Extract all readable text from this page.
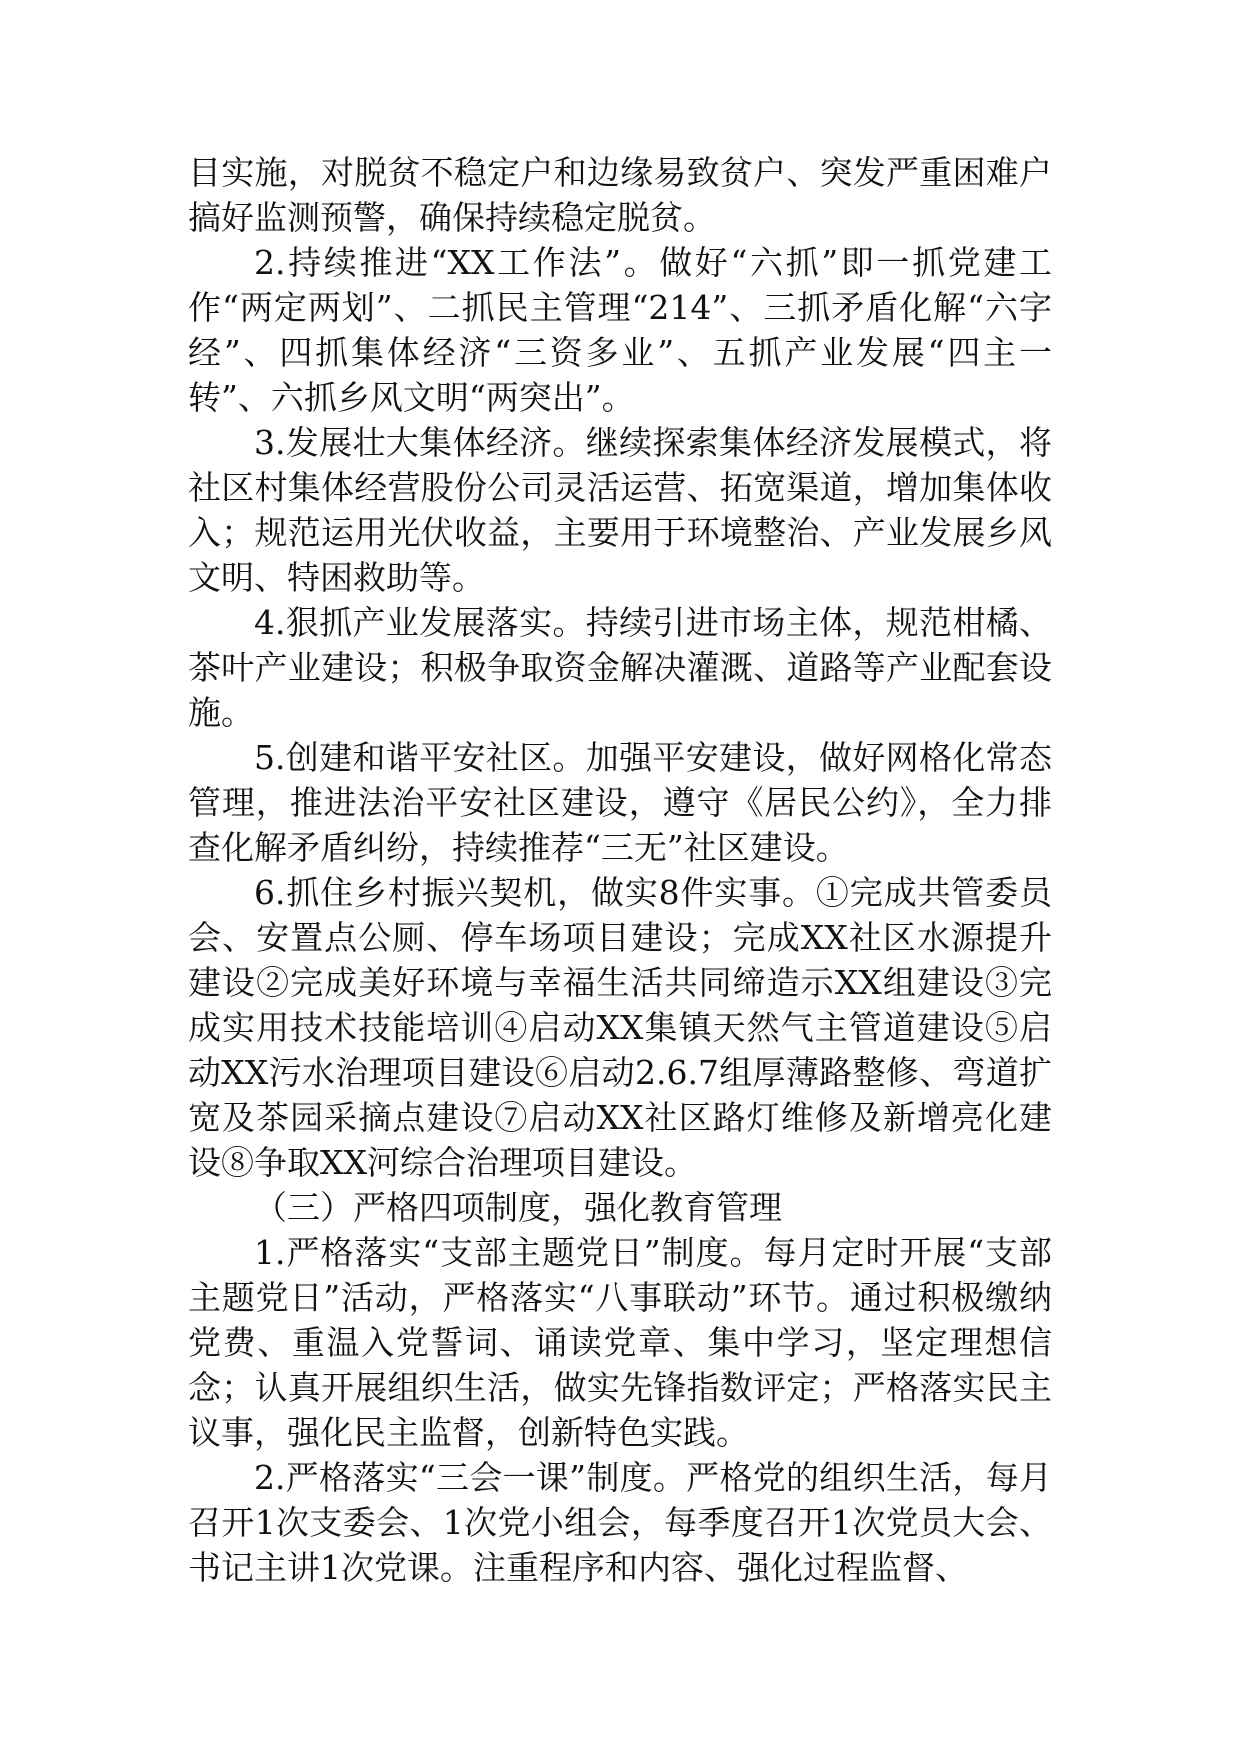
目实施，对脱贫不稳定户和边缘易致贫户、突发严重困难户搞好监测预警，确保持续稳定脱贫。

2.持续推进“XX工作法”。做好“六抓”即一抓党建工作“两定两划”、二抓民主管理“214”、三抓矛盾化解“六字经”、四抓集体经济“三资多业”、五抓产业发展“四主一转”、六抓乡风文明“两突出”。

3.发展壮大集体经济。继续探索集体经济发展模式，将社区村集体经营股份公司灵活运营、拓宽渠道，增加集体收入；规范运用光伏收益，主要用于环境整治、产业发展乡风文明、特困救助等。

4.狠抓产业发展落实。持续引进市场主体，规范柑橘、茶叶产业建设；积极争取资金解决灌溉、道路等产业配套设施。

5.创建和谐平安社区。加强平安建设，做好网格化常态管理，推进法治平安社区建设，遵守《居民公约》，全力排查化解矛盾纠纷，持续推荐“三无”社区建设。

6.抓住乡村振兴契机，做实8件实事。①完成共管委员会、安置点公厕、停车场项目建设；完成XX社区水源提升建设②完成美好环境与幸福生活共同缔造示XX组建设③完成实用技术技能培训④启动XX集镇天然气主管道建设⑤启动XX污水治理项目建设⑥启动2.6.7组厚薄路整修、弯道扩宽及茶园采摘点建设⑦启动XX社区路灯维修及新增亮化建设⑧争取XX河综合治理项目建设。

（三）严格四项制度，强化教育管理

1.严格落实“支部主题党日”制度。每月定时开展“支部主题党日”活动，严格落实“八事联动”环节。通过积极缴纳党费、重温入党誓词、诵读党章、集中学习，坚定理想信念；认真开展组织生活，做实先锋指数评定；严格落实民主议事，强化民主监督，创新特色实践。

2.严格落实“三会一课”制度。严格党的组织生活，每月召开1次支委会、1次党小组会，每季度召开1次党员大会、书记主讲1次党课。注重程序和内容、强化过程监督、
